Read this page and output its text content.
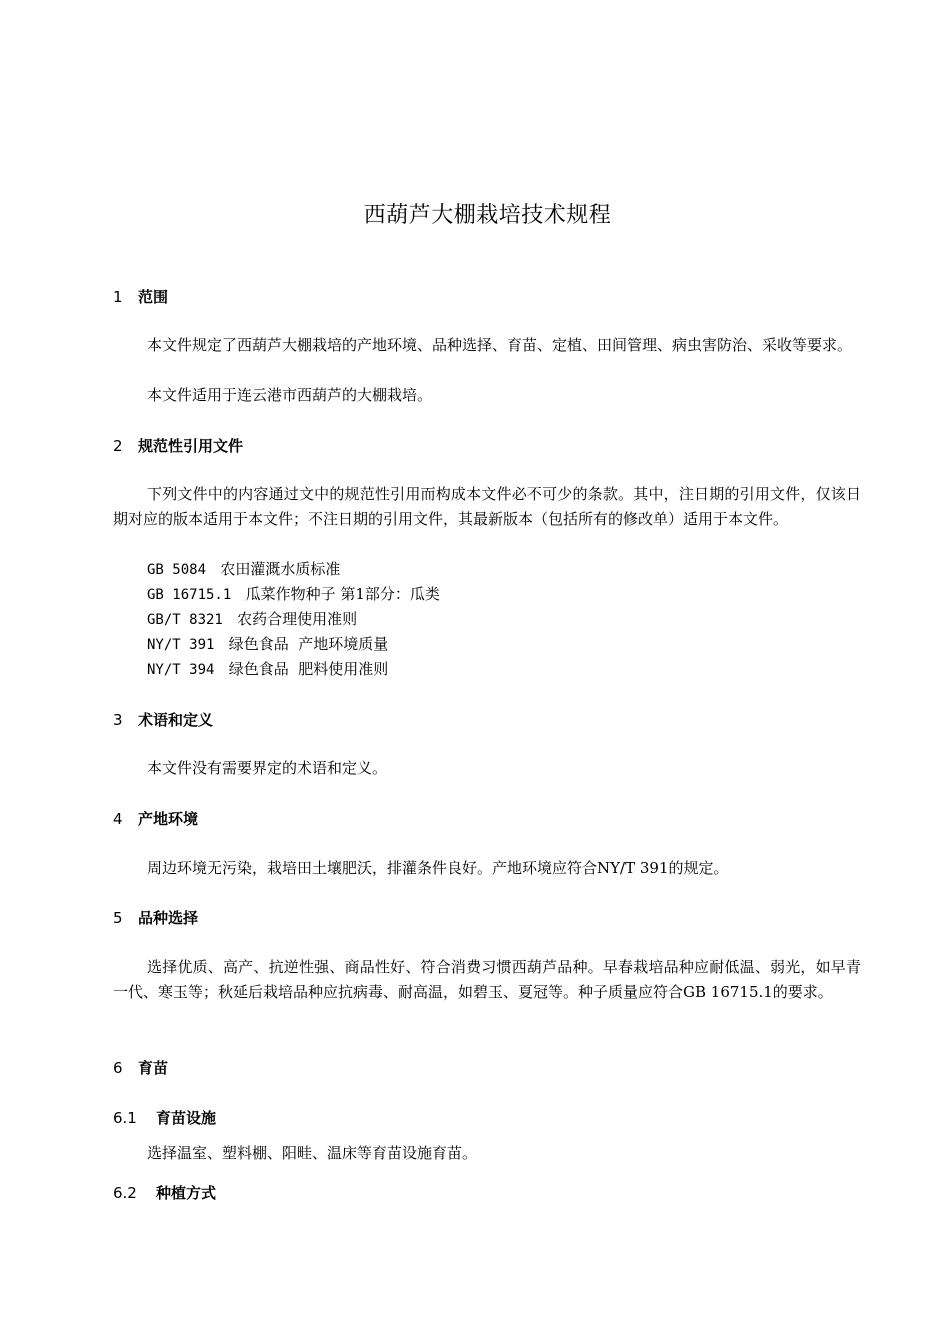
西葫芦大棚栽培技术规程
1 范围
本文件规定了西葫芦大棚栽培的产地环境、品种选择、育苗、定植、田间管理、病虫害防治、采收等要求。
本文件适用于连云港市西葫芦的大棚栽培。
2 规范性引用文件
下列文件中的内容通过文中的规范性引用而构成本文件必不可少的条款。其中，注日期的引用文件，仅该日期对应的版本适用于本文件；不注日期的引用文件，其最新版本（包括所有的修改单）适用于本文件。
GB 5084 农田灌溉水质标准
GB 16715.1 瓜菜作物种子 第1部分：瓜类
GB/T 8321 农药合理使用准则
NY/T 391 绿色食品  产地环境质量
NY/T 394 绿色食品  肥料使用准则
3 术语和定义
本文件没有需要界定的术语和定义。
4 产地环境
周边环境无污染，栽培田土壤肥沃，排灌条件良好。产地环境应符合NY/T 391的规定。
5 品种选择
选择优质、高产、抗逆性强、商品性好、符合消费习惯西葫芦品种。早春栽培品种应耐低温、弱光，如早青一代、寒玉等；秋延后栽培品种应抗病毒、耐高温，如碧玉、夏冠等。种子质量应符合GB 16715.1的要求。
6 育苗
6.1 育苗设施
选择温室、塑料棚、阳畦、温床等育苗设施育苗。
6.2 种植方式
